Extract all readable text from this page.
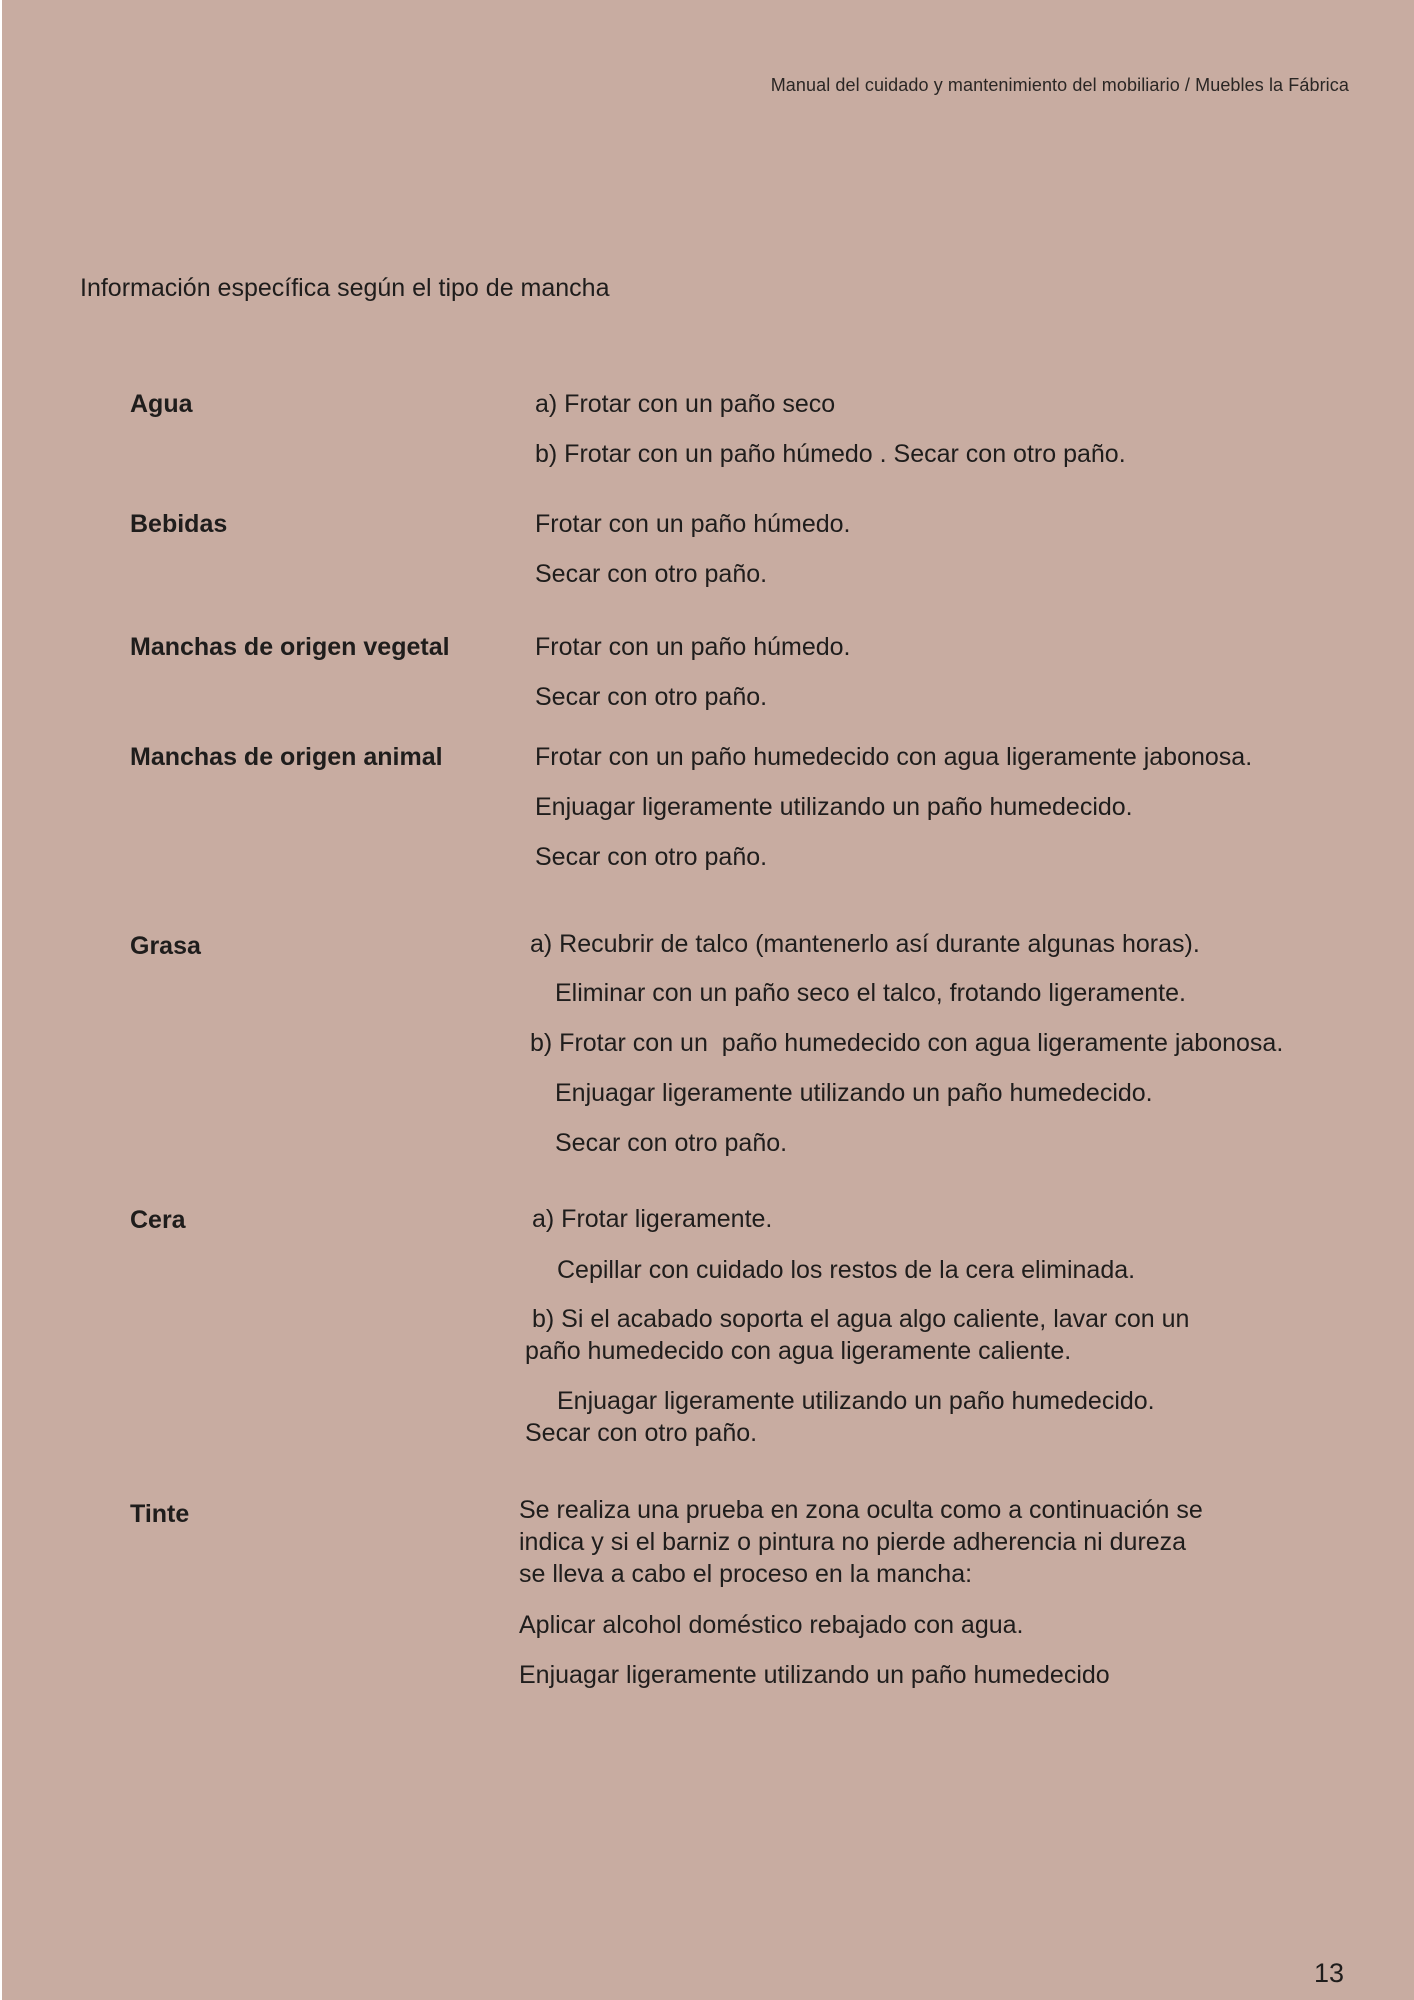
Manual del cuidado y mantenimiento del mobiliario / Muebles la Fábrica
Información específica según el tipo de mancha
Agua	a) Frotar con un paño seco
b) Frotar con un paño húmedo . Secar con otro paño.
Bebidas	Frotar con un paño húmedo.
Secar con otro paño.
Manchas de origen vegetal	Frotar con un paño húmedo.
Secar con otro paño.
Manchas de origen animal	Frotar con un paño humedecido con agua ligeramente jabonosa.
Enjuagar ligeramente utilizando un paño humedecido.
Secar con otro paño.
Grasa	a) Recubrir de talco (mantenerlo así durante algunas horas).
Eliminar con un paño seco el talco, frotando ligeramente.
b) Frotar con un  paño humedecido con agua ligeramente jabonosa.
Enjuagar ligeramente utilizando un paño humedecido.
Secar con otro paño.
Cera	a) Frotar ligeramente.
Cepillar con cuidado los restos de la cera eliminada.
b) Si el acabado soporta el agua algo caliente, lavar con un
paño humedecido con agua ligeramente caliente.
Enjuagar ligeramente utilizando un paño humedecido.
Secar con otro paño.
Tinte	Se realiza una prueba en zona oculta como a continuación se
indica y si el barniz o pintura no pierde adherencia ni dureza
se lleva a cabo el proceso en la mancha:
Aplicar alcohol doméstico rebajado con agua.
Enjuagar ligeramente utilizando un paño humedecido
13
